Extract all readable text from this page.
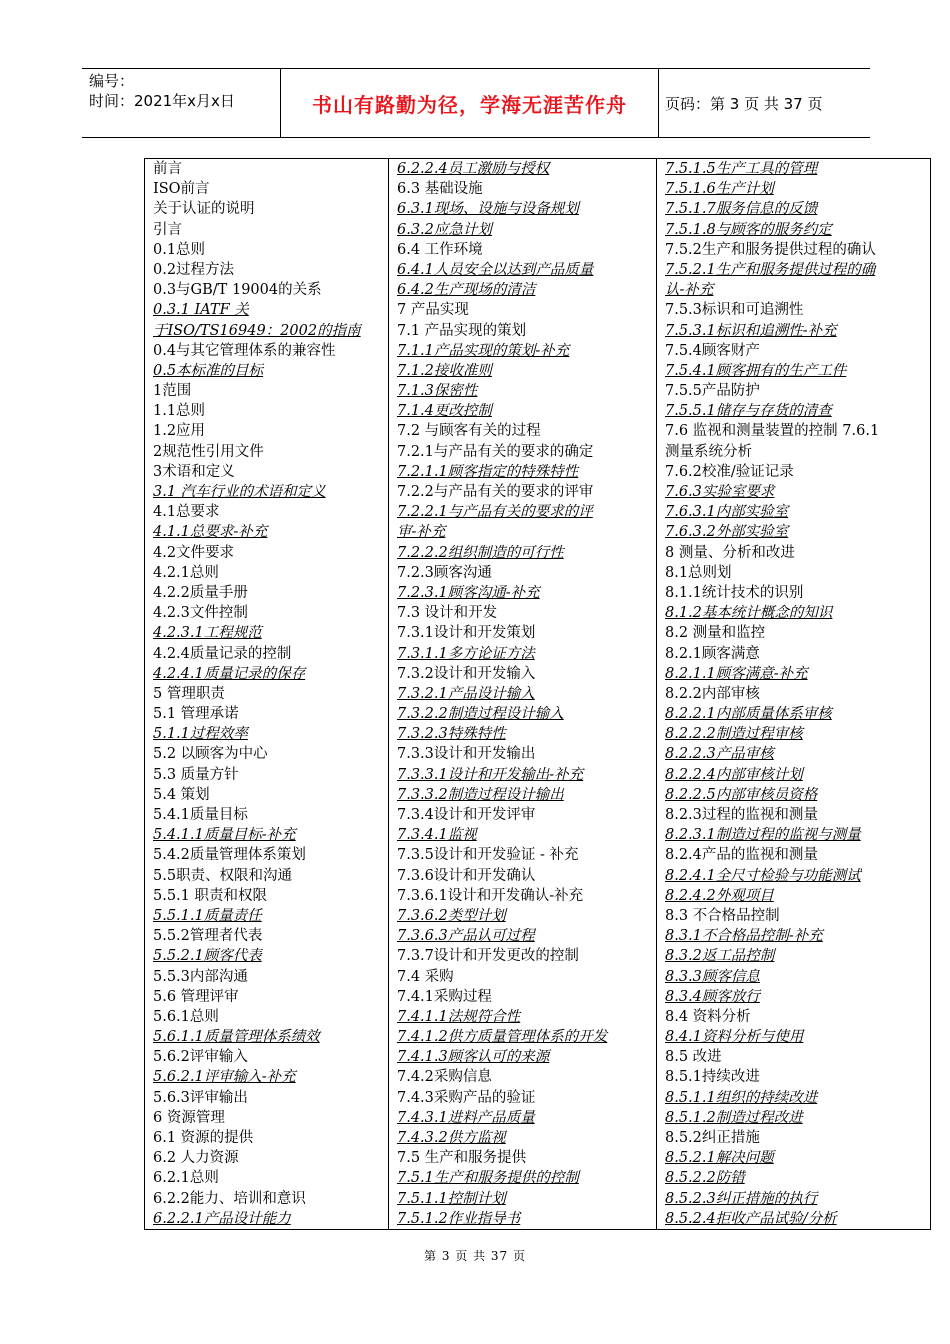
编号：
时间：2021年x月x日	书山有路勤为径，学海无涯苦作舟	页码：第 3 页 共 37 页
前言
ISO前言
关于认证的说明
引言
0.1总则
0.2过程方法
0.3与GB/T 19004的关系
0.3.1 IATF 关
于ISO/TS16949：2002的指南
0.4与其它管理体系的兼容性
0.5本标准的目标
1范围
1.1总则
1.2应用
2规范性引用文件
3术语和定义
3.1 汽车行业的术语和定义
4.1总要求
4.1.1总要求-补充
4.2文件要求
4.2.1总则
4.2.2质量手册
4.2.3文件控制
4.2.3.1工程规范
4.2.4质量记录的控制
4.2.4.1质量记录的保存
5 管理职责
5.1 管理承诺
5.1.1过程效率
5.2 以顾客为中心
5.3 质量方针
5.4 策划
5.4.1质量目标
5.4.1.1质量目标-补充
5.4.2质量管理体系策划
5.5职责、权限和沟通
5.5.1 职责和权限
5.5.1.1质量责任
5.5.2管理者代表
5.5.2.1顾客代表
5.5.3内部沟通
5.6 管理评审
5.6.1总则
5.6.1.1质量管理体系绩效
5.6.2评审输入
5.6.2.1评审输入-补充
5.6.3评审输出
6 资源管理
6.1 资源的提供
6.2 人力资源
6.2.1总则
6.2.2能力、培训和意识
6.2.2.1产品设计能力
6.2.2.4员工激励与授权
6.3 基础设施
6.3.1现场、设施与设备规划
6.3.2应急计划
6.4 工作环境
6.4.1人员安全以达到产品质量
6.4.2生产现场的清洁
7 产品实现
7.1 产品实现的策划
7.1.1产品实现的策划-补充
7.1.2接收准则
7.1.3保密性
7.1.4更改控制
7.2 与顾客有关的过程
7.2.1与产品有关的要求的确定
7.2.1.1顾客指定的特殊特性
7.2.2与产品有关的要求的评审
7.2.2.1与产品有关的要求的评
审-补充
7.2.2.2组织制造的可行性
7.2.3顾客沟通
7.2.3.1顾客沟通-补充
7.3 设计和开发
7.3.1设计和开发策划
7.3.1.1多方论证方法
7.3.2设计和开发输入
7.3.2.1产品设计输入
7.3.2.2制造过程设计输入
7.3.2.3特殊特性
7.3.3设计和开发输出
7.3.3.1设计和开发输出-补充
7.3.3.2制造过程设计输出
7.3.4设计和开发评审
7.3.4.1监视
7.3.5设计和开发验证 - 补充
7.3.6设计和开发确认
7.3.6.1设计和开发确认-补充
7.3.6.2类型计划
7.3.6.3产品认可过程
7.3.7设计和开发更改的控制
7.4 采购
7.4.1采购过程
7.4.1.1法规符合性
7.4.1.2供方质量管理体系的开发
7.4.1.3顾客认可的来源
7.4.2采购信息
7.4.3采购产品的验证
7.4.3.1进料产品质量
7.4.3.2供方监视
7.5 生产和服务提供
7.5.1生产和服务提供的控制
7.5.1.1控制计划
7.5.1.2作业指导书
7.5.1.5生产工具的管理
7.5.1.6生产计划
7.5.1.7服务信息的反馈
7.5.1.8与顾客的服务约定
7.5.2生产和服务提供过程的确认
7.5.2.1生产和服务提供过程的确
认-补充
7.5.3标识和可追溯性
7.5.3.1标识和追溯性-补充
7.5.4顾客财产
7.5.4.1顾客拥有的生产工件
7.5.5产品防护
7.5.5.1储存与存货的清查
7.6 监视和测量装置的控制 7.6.1
测量系统分析
7.6.2校准/验证记录
7.6.3实验室要求
7.6.3.1内部实验室
7.6.3.2外部实验室
8 测量、分析和改进
8.1总则划
8.1.1统计技术的识别
8.1.2基本统计概念的知识
8.2 测量和监控
8.2.1顾客满意
8.2.1.1顾客满意-补充
8.2.2内部审核
8.2.2.1内部质量体系审核
8.2.2.2制造过程审核
8.2.2.3产品审核
8.2.2.4内部审核计划
8.2.2.5内部审核员资格
8.2.3过程的监视和测量
8.2.3.1制造过程的监视与测量
8.2.4产品的监视和测量
8.2.4.1全尺寸检验与功能测试
8.2.4.2外观项目
8.3 不合格品控制
8.3.1不合格品控制-补充
8.3.2返工品控制
8.3.3顾客信息
8.3.4顾客放行
8.4 资料分析
8.4.1资料分析与使用
8.5 改进
8.5.1持续改进
8.5.1.1组织的持续改进
8.5.1.2制造过程改进
8.5.2纠正措施
8.5.2.1解决问题
8.5.2.2防错
8.5.2.3纠正措施的执行
8.5.2.4拒收产品试验/分析
第 3 页 共 37 页
